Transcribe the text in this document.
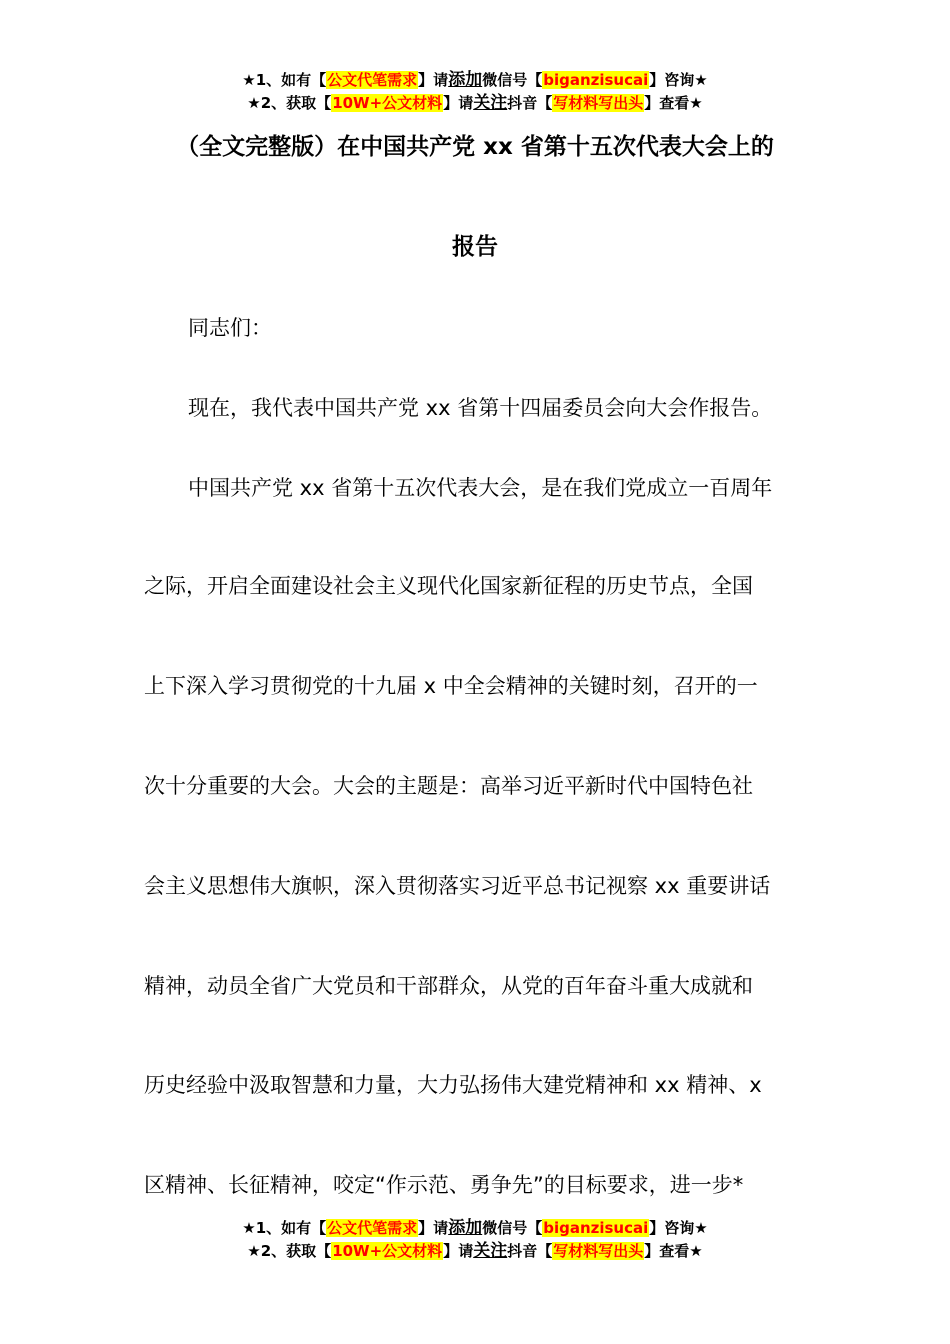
★1、如有【公文代笔需求】请添加微信号【biganzisucai】咨询★
★2、获取【10W+公文材料】请关注抖音【写材料写出头】查看★
（全文完整版）在中国共产党 xx 省第十五次代表大会上的
报告
同志们：
现在，我代表中国共产党 xx 省第十四届委员会向大会作报告。
中国共产党 xx 省第十五次代表大会，是在我们党成立一百周年
之际，开启全面建设社会主义现代化国家新征程的历史节点，全国
上下深入学习贯彻党的十九届 x 中全会精神的关键时刻，召开的一
次十分重要的大会。大会的主题是：高举习近平新时代中国特色社
会主义思想伟大旗帜，深入贯彻落实习近平总书记视察 xx 重要讲话
精神，动员全省广大党员和干部群众，从党的百年奋斗重大成就和
历史经验中汲取智慧和力量，大力弘扬伟大建党精神和 xx 精神、x
区精神、长征精神，咬定“作示范、勇争先”的目标要求，进一步*
★1、如有【公文代笔需求】请添加微信号【biganzisucai】咨询★
★2、获取【10W+公文材料】请关注抖音【写材料写出头】查看★
